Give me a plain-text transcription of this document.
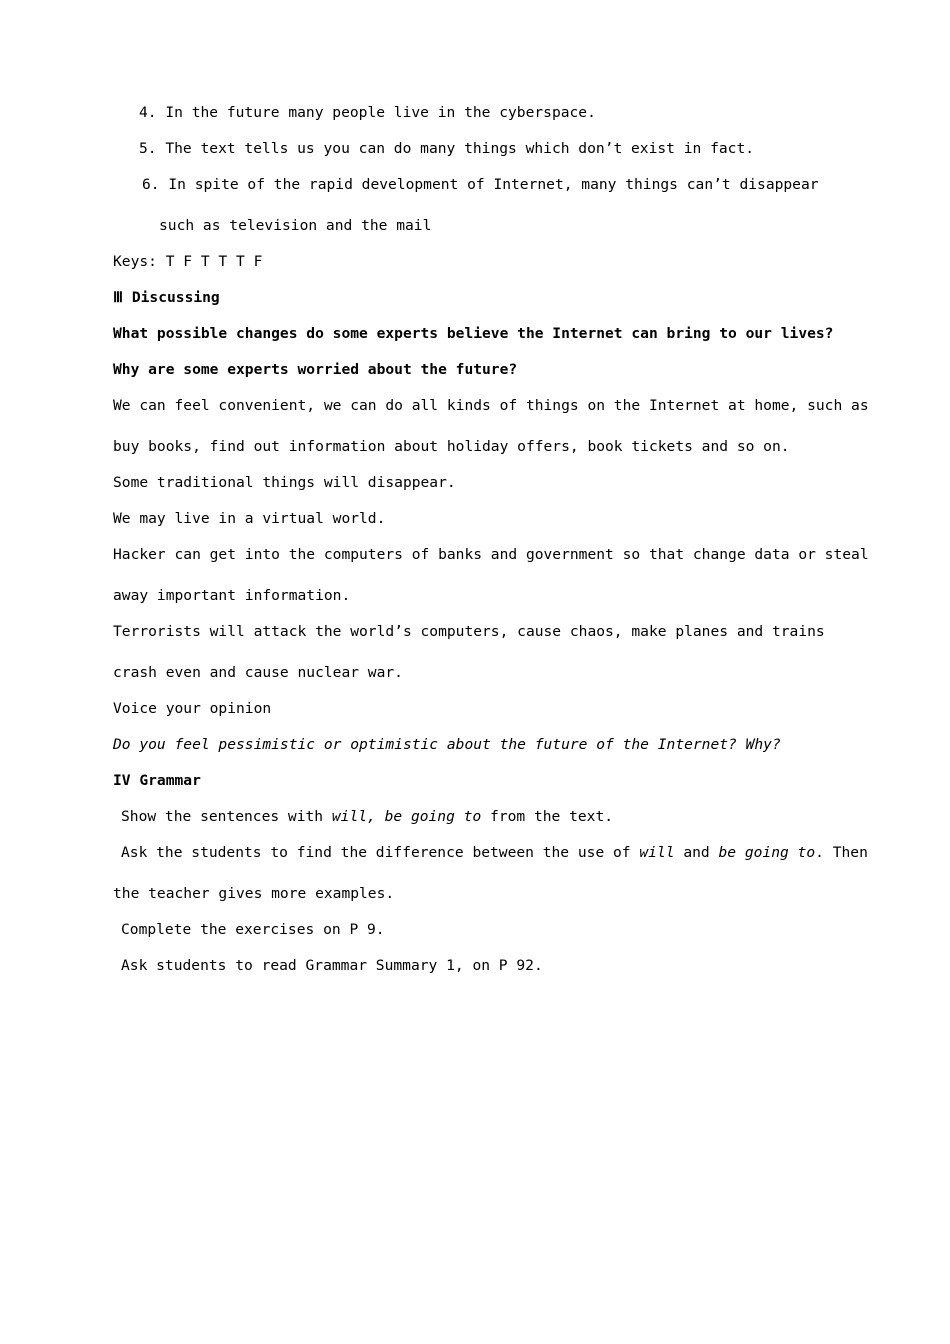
4. In the future many people live in the cyberspace.
5. The text tells us you can do many things which don’t exist in fact.
6. In spite of the rapid development of Internet, many things can’t disappear
such as television and the mail
Keys: T F T T T F
Ⅲ Discussing
What possible changes do some experts believe the Internet can bring to our lives?
Why are some experts worried about the future?
We can feel convenient, we can do all kinds of things on the Internet at home, such as
buy books, find out information about holiday offers, book tickets and so on.
Some traditional things will disappear.
We may live in a virtual world.
Hacker can get into the computers of banks and government so that change data or steal
away important information.
Terrorists will attack the world’s computers, cause chaos, make planes and trains
crash even and cause nuclear war.
Voice your opinion
Do you feel pessimistic or optimistic about the future of the Internet? Why?
IV Grammar
Show the sentences with will, be going to from the text.
Ask the students to find the difference between the use of will and be going to. Then
the teacher gives more examples.
Complete the exercises on P 9.
Ask students to read Grammar Summary 1, on P 92.
